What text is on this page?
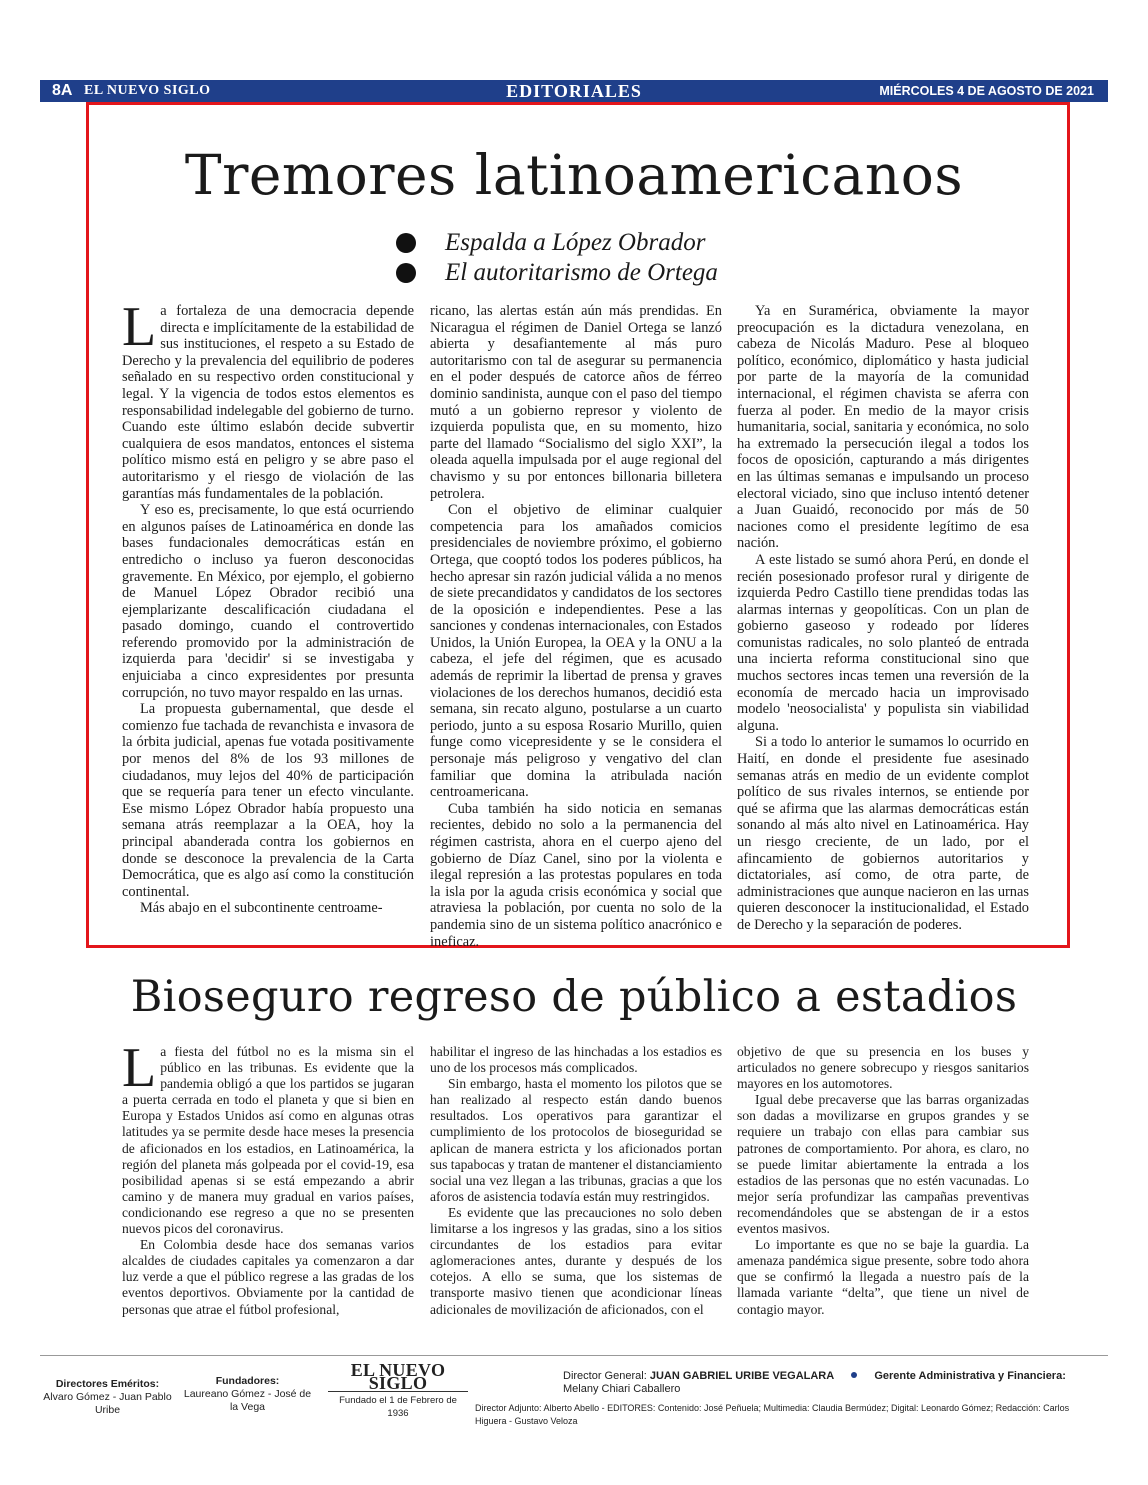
8A EL NUEVO SIGLO	EDITORIALES	MIÉRCOLES 4 DE AGOSTO DE 2021
Tremores latinoamericanos
Espalda a López Obrador
El autoritarismo de Ortega

La fortaleza de una democracia depende directa e implícitamente de la estabilidad de sus instituciones, el respeto a su Estado de Derecho y la prevalencia del equilibrio de poderes señalado en su respectivo orden constitucional y legal. Y la vigencia de todos estos elementos es responsabilidad indelegable del gobierno de turno. Cuando este último eslabón decide subvertir cualquiera de esos mandatos, entonces el sistema político mismo está en peligro y se abre paso el autoritarismo y el riesgo de violación de las garantías más fundamentales de la población.

Y eso es, precisamente, lo que está ocurriendo en algunos países de Latinoamérica en donde las bases fundacionales democráticas están en entredicho o incluso ya fueron desconocidas gravemente. En México, por ejemplo, el gobierno de Manuel López Obrador recibió una ejemplarizante descalificación ciudadana el pasado domingo, cuando el controvertido referendo promovido por la administración de izquierda para 'decidir' si se investigaba y enjuiciaba a cinco expresidentes por presunta corrupción, no tuvo mayor respaldo en las urnas.

La propuesta gubernamental, que desde el comienzo fue tachada de revanchista e invasora de la órbita judicial, apenas fue votada positivamente por menos del 8% de los 93 millones de ciudadanos, muy lejos del 40% de participación que se requería para tener un efecto vinculante. Ese mismo López Obrador había propuesto una semana atrás reemplazar a la OEA, hoy la principal abanderada contra los gobiernos en donde se desconoce la prevalencia de la Carta Democrática, que es algo así como la constitución continental.

Más abajo en el subcontinente centroame-

ricano, las alertas están aún más prendidas. En Nicaragua el régimen de Daniel Ortega se lanzó abierta y desafiantemente al más puro autoritarismo con tal de asegurar su permanencia en el poder después de catorce años de férreo dominio sandinista, aunque con el paso del tiempo mutó a un gobierno represor y violento de izquierda populista que, en su momento, hizo parte del llamado “Socialismo del siglo XXI”, la oleada aquella impulsada por el auge regional del chavismo y su por entonces billonaria billetera petrolera.

Con el objetivo de eliminar cualquier competencia para los amañados comicios presidenciales de noviembre próximo, el gobierno Ortega, que cooptó todos los poderes públicos, ha hecho apresar sin razón judicial válida a no menos de siete precandidatos y candidatos de los sectores de la oposición e independientes. Pese a las sanciones y condenas internacionales, con Estados Unidos, la Unión Europea, la OEA y la ONU a la cabeza, el jefe del régimen, que es acusado además de reprimir la libertad de prensa y graves violaciones de los derechos humanos, decidió esta semana, sin recato alguno, postularse a un cuarto periodo, junto a su esposa Rosario Murillo, quien funge como vicepresidente y se le considera el personaje más peligroso y vengativo del clan familiar que domina la atribulada nación centroamericana.

Cuba también ha sido noticia en semanas recientes, debido no solo a la permanencia del régimen castrista, ahora en el cuerpo ajeno del gobierno de Díaz Canel, sino por la violenta e ilegal represión a las protestas populares en toda la isla por la aguda crisis económica y social que atraviesa la población, por cuenta no solo de la pandemia sino de un sistema político anacrónico e ineficaz.

Ya en Suramérica, obviamente la mayor preocupación es la dictadura venezolana, en cabeza de Nicolás Maduro. Pese al bloqueo político, económico, diplomático y hasta judicial por parte de la mayoría de la comunidad internacional, el régimen chavista se aferra con fuerza al poder. En medio de la mayor crisis humanitaria, social, sanitaria y económica, no solo ha extremado la persecución ilegal a todos los focos de oposición, capturando a más dirigentes en las últimas semanas e impulsando un proceso electoral viciado, sino que incluso intentó detener a Juan Guaidó, reconocido por más de 50 naciones como el presidente legítimo de esa nación.

A este listado se sumó ahora Perú, en donde el recién posesionado profesor rural y dirigente de izquierda Pedro Castillo tiene prendidas todas las alarmas internas y geopolíticas. Con un plan de gobierno gaseoso y rodeado por líderes comunistas radicales, no solo planteó de entrada una incierta reforma constitucional sino que muchos sectores incas temen una reversión de la economía de mercado hacia un improvisado modelo 'neosocialista' y populista sin viabilidad alguna.

Si a todo lo anterior le sumamos lo ocurrido en Haití, en donde el presidente fue asesinado semanas atrás en medio de un evidente complot político de sus rivales internos, se entiende por qué se afirma que las alarmas democráticas están sonando al más alto nivel en Latinoamérica. Hay un riesgo creciente, de un lado, por el afincamiento de gobiernos autoritarios y dictatoriales, así como, de otra parte, de administraciones que aunque nacieron en las urnas quieren desconocer la institucionalidad, el Estado de Derecho y la separación de poderes.

Bioseguro regreso de público a estadios

La fiesta del fútbol no es la misma sin el público en las tribunas. Es evidente que la pandemia obligó a que los partidos se jugaran a puerta cerrada en todo el planeta y que si bien en Europa y Estados Unidos así como en algunas otras latitudes ya se permite desde hace meses la presencia de aficionados en los estadios, en Latinoamérica, la región del planeta más golpeada por el covid-19, esa posibilidad apenas si se está empezando a abrir camino y de manera muy gradual en varios países, condicionando ese regreso a que no se presenten nuevos picos del coronavirus.

En Colombia desde hace dos semanas varios alcaldes de ciudades capitales ya comenzaron a dar luz verde a que el público regrese a las gradas de los eventos deportivos. Obviamente por la cantidad de personas que atrae el fútbol profesional,

habilitar el ingreso de las hinchadas a los estadios es uno de los procesos más complicados.

Sin embargo, hasta el momento los pilotos que se han realizado al respecto están dando buenos resultados. Los operativos para garantizar el cumplimiento de los protocolos de bioseguridad se aplican de manera estricta y los aficionados portan sus tapabocas y tratan de mantener el distanciamiento social una vez llegan a las tribunas, gracias a que los aforos de asistencia todavía están muy restringidos.

Es evidente que las precauciones no solo deben limitarse a los ingresos y las gradas, sino a los sitios circundantes de los estadios para evitar aglomeraciones antes, durante y después de los cotejos. A ello se suma, que los sistemas de transporte masivo tienen que acondicionar líneas adicionales de movilización de aficionados, con el

objetivo de que su presencia en los buses y articulados no genere sobrecupo y riesgos sanitarios mayores en los automotores.

Igual debe precaverse que las barras organizadas son dadas a movilizarse en grupos grandes y se requiere un trabajo con ellas para cambiar sus patrones de comportamiento. Por ahora, es claro, no se puede limitar abiertamente la entrada a los estadios de las personas que no estén vacunadas. Lo mejor sería profundizar las campañas preventivas recomendándoles que se abstengan de ir a estos eventos masivos.

Lo importante es que no se baje la guardia. La amenaza pandémica sigue presente, sobre todo ahora que se confirmó la llegada a nuestro país de la llamada variante “delta”, que tiene un nivel de contagio mayor.

Directores Eméritos:
Alvaro Gómez - Juan Pablo Uribe
Fundadores:
Laureano Gómez - José de la Vega
EL NUEVO SIGLO
Fundado el 1 de Febrero de 1936
Director General: JUAN GABRIEL URIBE VEGALARA	Gerente Administrativa y Financiera: Melany Chiari Caballero
Director Adjunto: Alberto Abello - EDITORES: Contenido: José Peñuela; Multimedia: Claudia Bermúdez; Digital: Leonardo Gómez; Redacción: Carlos Higuera - Gustavo Veloza
